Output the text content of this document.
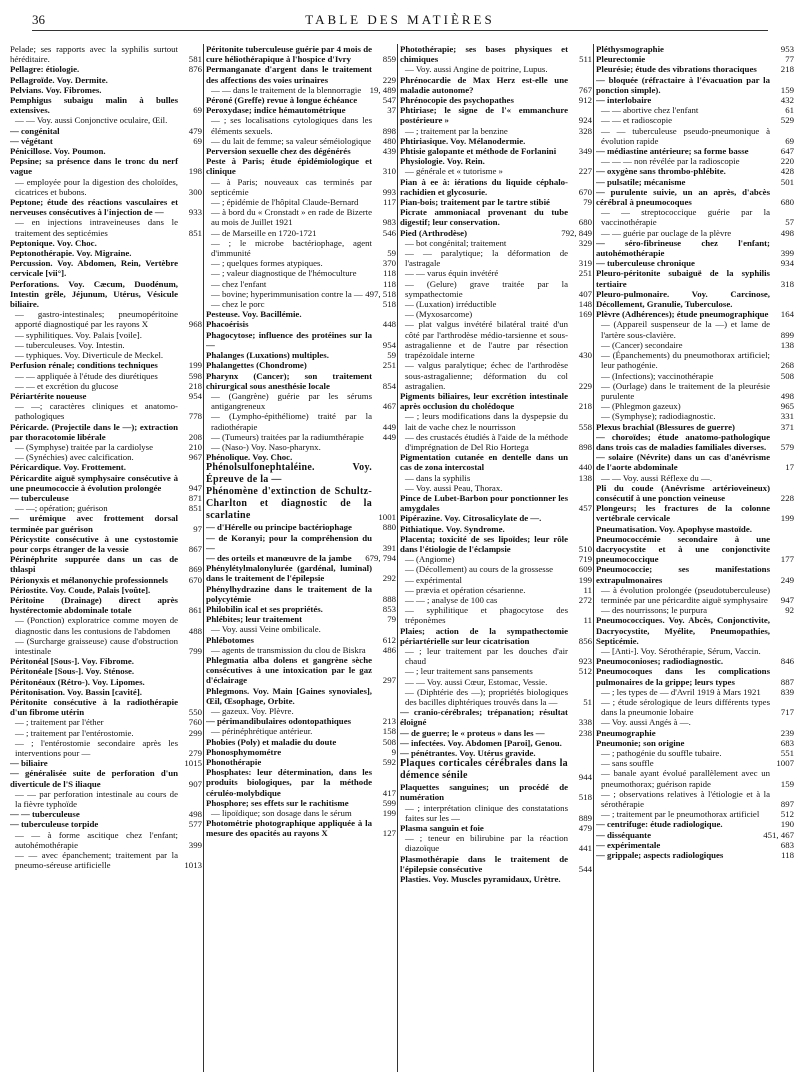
36	TABLE DES MATIÈRES
Pelade; ses rapports avec la syphilis surtout héréditaire.	581
Pellagre: étiologie.	876
Pellagroïde. Voy. Dermite.
Pelvians. Voy. Fibromes.
Pemphigus subaigu malin à bulles extensives.	69
— — Voy. aussi Conjonctive oculaire, Œil.
— congénital	479
— végétant	69
Pénicillose. Voy. Poumon.
Pepsine; sa présence dans le tronc du nerf vague	198
— employée pour la digestion des choloïdes, cicatrices et bubons.	300
Peptone; étude des réactions vasculaires et nerveuses consécutives à l'injection de —	933
— en injections intraveineuses dans le traitement des septicémies	851
Peptonique. Voy. Choc.
Peptonothérapie. Voy. Migraine.
Percussion. Voy. Abdomen, Rein, Vertèbre cervicale [vii°].
Perforations. Voy. Cæcum, Duodénum, Intestin grêle, Jéjunum, Utérus, Vésicule biliaire.
— gastro-intestinales; pneumopéritoine apporté diagnostiqué par les rayons X	968
— syphilitiques. Voy. Palais [voile].
— tuberculeuses. Voy. Intestin.
— typhiques. Voy. Diverticule de Meckel.
Perfusion rénale; conditions techniques	199
— — appliquée à l'étude des diurétiques	598
— — et excrétion du glucose	218
Périartérite noueuse	954
— —; caractères cliniques et anatomo-pathologiques	778
Péricarde. (Projectile dans le —); extraction par thoracotomie libérale	208
— (Symphyse) traitée par la cardiolyse	210
— (Synéchies) avec calcification.	967
Péricardique. Voy. Frottement.
Péricardite aiguë symphysaire consécutive à une pneumococcie à évolution prolongée	947
— tuberculeuse	871
— —; opération; guérison	851
— urémique avec frottement dorsal terminée par guérison	97
Péricystite consécutive à une cystostomie pour corps étranger de la vessie	867
Périnéphrite suppurée dans un cas de thlaspi	869
Périonyxis et mélanonychie professionnels	670
Périostite. Voy. Coude, Palais [voûte].
Péritoine (Drainage) direct après hystérectomie abdominale totale	861
— (Ponction) exploratrice comme moyen de diagnostic dans les contusions de l'abdomen	488
— (Surcharge graisseuse) cause d'obstruction intestinale	799
Péritonéal [Sous-]. Voy. Fibrome.
Péritonéale [Sous-]. Voy. Sténose.
Péritonéaux (Rétro-). Voy. Lipomes.
Péritonisation. Voy. Bassin [cavité].
Péritonite consécutive à la radiothérapie d'un fibrome utérin	550
— ; traitement par l'éther	760
— ; traitement par l'entérostomie.	299
— ; l'entérostomie secondaire après les interventions pour —	279
— biliaire	1015
— généralisée suite de perforation d'un diverticule de l'S iliaque	907
— — par perforation intestinale au cours de la fièvre typhoïde
— — tuberculeuse	498
— tuberculeuse torpide	577
— — à forme ascitique chez l'enfant; autohémothérapie	399
— — avec épanchement; traitement par la pneumo-séreuse artificielle	1013
Péritonite tuberculeuse guérie par 4 mois de cure héliothérapique à l'hospice d'Ivry	859
Permanganate d'argent dans le traitement des affections des voies urinaires	229
— — dans le traitement de la blennorragie 19, 489
Péroné (Greffe) revue à longue échéance	547
Peroxydase; indice hémautométrique	37
— ; ses localisations cytologiques dans les éléments sexuels.	898
— du lait de femme; sa valeur séméiologique 480
Perversion sexuelle chez des dégénérés	439
Peste à Paris; étude épidémiologique et clinique	310
— à Paris; nouveaux cas terminés par septicémie	993
— ; épidémie de l'hôpital Claude-Bernard	117
— à bord du « Cronstadt » en rade de Bizerte au mois de Juillet 1921	983
— de Marseille en 1720-1721	546
— ; le microbe bactériophage, agent d'immunité	59
— ; quelques formes atypiques.	370
— ; valeur diagnostique de l'hémoculture	118
— chez l'enfant	118
— bovine; hyperimmunisation contre la — 497, 518
— chez le porc	518
Pesteuse. Voy. Bacillémie.
Phacoérisis	448
Phagocytose; influence des protéines sur la —	954
Phalanges (Luxations) multiples.	59
Phalangettes (Chondrome)	251
Pharynx (Cancer); son traitement chirurgical sous anesthésie locale	854
— (Gangrène) guérie par les sérums antigangreneux	467
— (Lympho-épithéliome) traité par la radiothérapie	449
— (Tumeurs) traitées par la radiumthérapie	449
— (Naso-) Voy. Naso-pharynx.
Phénolique. Voy. Choc.
Phénolsulfonephtaléine. Voy. Épreuve de la —
Phénomène d'extinction de Schultz-Charlton et diagnostic de la scarlatine	1001
— d'Hérelle ou principe bactériophage	880
— de Koranyi; pour la compréhension du —	391
— des orteils et manœuvre de la jambe	679, 794
Phénylétylmalonylurée (gardénal, luminal) dans le traitement de l'épilepsie	292
Phénylhydrazine dans le traitement de la polycytémie	888
Philobilin ical et ses propriétés.	853
Phlébites; leur traitement	79
— Voy. aussi Veine ombilicale.
Phlébotomes	612
— agents de transmission du clou de Biskra	486
Phlegmatia alba dolens et gangrène sèche consécutives à une intoxication par le gaz d'éclairage	297
Phlegmons. Voy. Main [Gaines synoviales], Œil, Œsophage, Orbite.
— gazeux. Voy. Plèvre.
— périmandibulaires odontopathiques	213
— périnéphrétique antérieur.	158
Phobies (Poly) et maladie du doute	508
Phonosphymométre	9
Phonothérapie	592
Phosphates: leur détermination, dans les produits biologiques, par la méthode céruléo-molybdique	417
Phosphore; ses effets sur le rachitisme	599
— lipoïdique; son dosage dans le sérum	199
Photométrie photographique appliquée à la mesure des opacités au rayons X	127
Photothérapie; ses bases physiques et chimiques	511
— Voy. aussi Angine de poitrine, Lupus.
Phrénocardie de Max Herz est-elle une maladie autonome?	767
Phrénocopie des psychopathes	912
Phtiriase; le signe de l'« emmanchure postérieure »	924
— ; traitement par la benzine	328
Phtiriasique. Voy. Mélanodermie.
Phtisie galopante et méthode de Forlanini	349
Physiologie. Voy. Rein.
— générale et « tutorisme »	227
Pian à ee à: iérations du liquide céphalo-rachidien et glycosurie.	670
Pian-bois; traitement par le tartre stibié	79
Picrate ammoniacal provenant du tube digestif; leur conservation.	680
Pied (Arthrodèse)	792, 849
— bot congénital; traitement	329
— — paralytique; la déformation de l'astragale	319
— — varus équin invétéré	251
— (Gelure) grave traitée par la sympathectomie	407
— (Luxation) irréductible	148
— (Myxosarcome)	169
— plat valgus invétéré bilatéral traité d'un côté par l'arthrodèse médio-tarsienne et sous-astragalienne et de l'autre par résection trapézoïdale interne	430
— valgus paralytique; échec de l'arthrodèse sous-astragalienne; déformation du col astragalien.	229
Pigments biliaires, leur excrétion intestinale après occlusion du cholédoque	218
— ; leurs modifications dans la dyspepsie du lait de vache chez le nourrisson	558
— des crustacés étudiés à l'aide de la méthode d'imprégnation de Del Rio Hortega	898
Pigmentation cutanée en dentelle dans un cas de zona intercostal	440
— dans la syphilis	138
— Voy. aussi Peau, Thorax.
Pince de Lubet-Barbon pour ponctionner les amygdales	457
Pipérazine. Voy. Citrosalicylate de —.
Pithiatique. Voy. Syndrome.
Placenta; toxicité de ses lipoïdes; leur rôle dans l'étiologie de l'éclampsie	510
— (Angiome)	719
— (Décollement) au cours de la grossesse	609
— expérimental	199
— prævia et opération césarienne.	11
— — ; analyse de 100 cas	272
— syphilitique et phagocytose des tréponèmes	11
Plaies; action de la sympathectomie périartérielle sur leur cicatrisation	856
— ; leur traitement par les douches d'air chaud	923
— ; leur traitement sans pansements	512
— — Voy. aussi Cœur, Estomac, Vessie.
— (Diphtérie des —); propriétés biologiques des bacilles diphtériques trouvés dans la —	51
— cranio-cérébrales; trépanation; résultat éloigné	338
— de guerre; le « proteus » dans les —	238
— infectées. Voy. Abdomen [Paroi], Genou.
— pénétrantes. Voy. Utérus gravide.
Plaques corticales cérébrales dans la démence sénile	944
Plaquettes sanguines; un procédé de numération	518
— ; interprétation clinique des constatations faites sur les —	889
Plasma sanguin et foie	479
— ; teneur en bilirubine par la réaction diazoïque	441
Plasmothérapie dans le traitement de l'épilepsie consécutive	544
Plasties. Voy. Muscles pyramidaux, Urètre.
Pléthysmographie	953
Pleurectomie	77
Pleurésie; étude des vibrations thoraciques	218
— bloquée (réfractaire à l'évacuation par la ponction simple).	159
— interlobaire	432
— — abortive chez l'enfant	61
— — et radioscopie	529
— — tuberculeuse pseudo-pneumonique à évolution rapide	69
— médiastine antérieure; sa forme basse	647
— — — non révélée par la radioscopie	220
— oxygène sans thrombo-phlébite.	428
— pulsatile; mécanisme	501
— purulente suivie, un an après, d'abcès cérébral à pneumocoques	680
— — streptococcique guérie par la vaccinothérapie	57
— — guérie par ouclage de la plèvre	498
— séro-fibrineuse chez l'enfant; autohémothérapie	399
— tuberculeuse chronique	934
Pleuro-péritonite subaiguë de la syphilis tertiaire	318
Pleuro-pulmonaire. Voy. Carcinose, Décollement, Granulie, Tuberculose.
Plèvre (Adhérences); étude pneumographique 164
— (Appareil suspenseur de la —) et lame de l'artère sous-clavière.	899
— (Cancer) secondaire	138
— (Épanchements) du pneumothorax artificiel; leur pathogénie.	268
— (Infections); vaccinothérapie	508
— (Ourlage) dans le traitement de la pleurésie purulente	498
— (Phlegmon gazeux)	965
— (Symphyse); radiodiagnostic.	331
Plexus brachial (Blessures de guerre)	371
— choroïdes; étude anatomo-pathologique dans trois cas de maladies familiales diverses.	579
— solaire (Névrite) dans un cas d'anévrisme de l'aorte abdominale	17
— — Voy. aussi Réflexe du —.
Pli du coude (Anévrisme artérioveineux) consécutif à une ponction veineuse	228
Plongeurs; les fractures de la colonne vertébrale cervicale	199
Pneumatisation. Voy. Apophyse mastoïde.
Pneumococcémie secondaire à une dacryocystite et à une conjonctivite pneumococcique	177
Pneumococcie; ses manifestations extrapulmonaires	249
— à évolution prolongée (pseudotuberculeuse) terminée par une péricardite aiguë symphysaire 947
— des nourrissons; le purpura	92
Pneumococciques. Voy. Abcès, Conjonctivite, Dacryocystite, Myélite, Pneumopathies, Septicémie.
— [Anti-]. Voy. Sérothérapie, Sérum, Vaccin.
Pneumoconioses; radiodiagnostic.	846
Pneumocoques dans les complications pulmonaires de la grippe; leurs types	887
— ; les types de — d'Avril 1919 à Mars 1921	839
— ; étude sérologique de leurs différents types dans la pneumonie lobaire	717
— Voy. aussi Angés à —.
Pneumographie	239
Pneumonie; son origine	683
— ; pathogénie du souffle tubaire.	551
— sans souffle	1007
— banale ayant évolué parallèlement avec un pneumothorax; guérison rapide	159
— ; observations relatives à l'étiologie et à la sérothérapie	897
— ; traitement par le pneumothorax artificiel	512
— centrifuge: étude radiologique.	190
— disséquante	451, 467
— expérimentale	683
— grippale; aspects radiologiques	118
